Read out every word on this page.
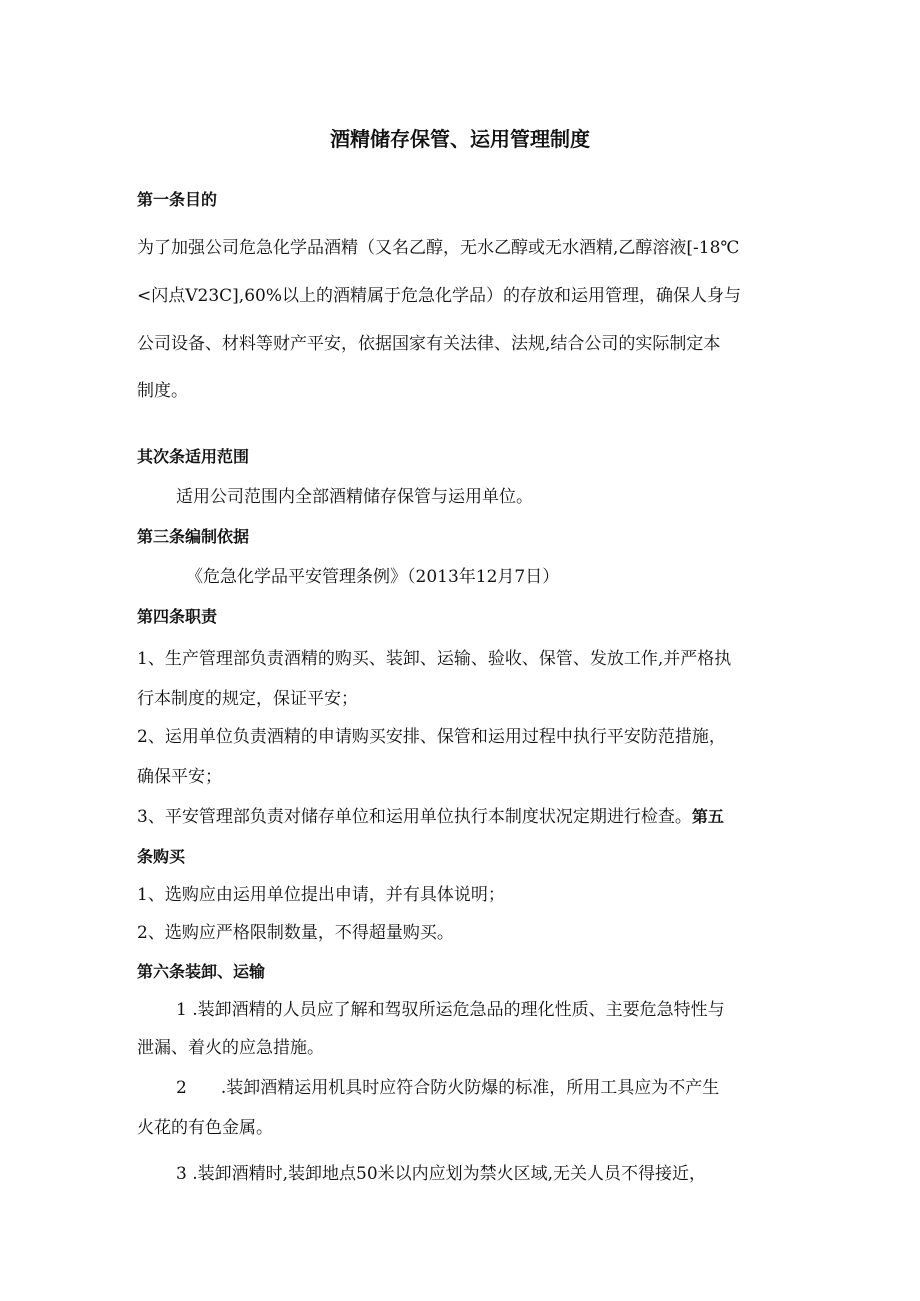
酒精储存保管、运用管理制度

第一条目的

为了加强公司危急化学品酒精（又名乙醇，无水乙醇或无水酒精,乙醇溶液[-18℃

<闪点V23C],60%以上的酒精属于危急化学品）的存放和运用管理，确保人身与

公司设备、材料等财产平安，依据国家有关法律、法规,结合公司的实际制定本

制度。

其次条适用范围

适用公司范围内全部酒精储存保管与运用单位。

第三条编制依据

《危急化学品平安管理条例》（2013年12月7日）

第四条职责

1、生产管理部负责酒精的购买、装卸、运输、验收、保管、发放工作,并严格执

行本制度的规定，保证平安；

2、运用单位负责酒精的申请购买安排、保管和运用过程中执行平安防范措施，

确保平安；

3、平安管理部负责对储存单位和运用单位执行本制度状况定期进行检查。第五

条购买

1、选购应由运用单位提出申请，并有具体说明；

2、选购应严格限制数量，不得超量购买。

第六条装卸、运输

1 .装卸酒精的人员应了解和驾驭所运危急品的理化性质、主要危急特性与

泄漏、着火的应急措施。

2　　.装卸酒精运用机具时应符合防火防爆的标准，所用工具应为不产生

火花的有色金属。

3 .装卸酒精时,装卸地点50米以内应划为禁火区域,无关人员不得接近，
